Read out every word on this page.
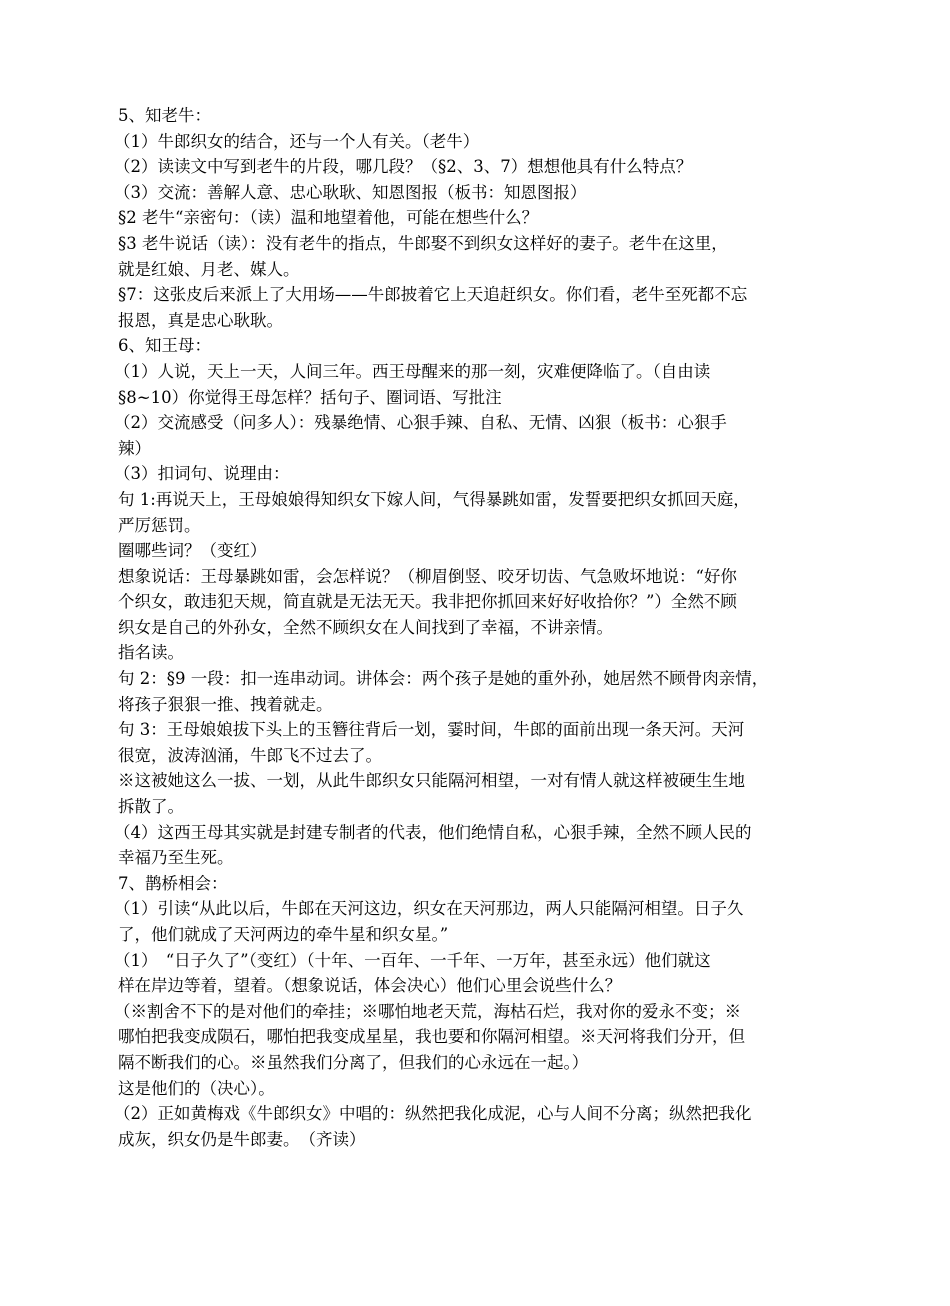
5、知老牛：

（1）牛郎织女的结合，还与一个人有关。（老牛）

（2）读读文中写到老牛的片段，哪几段？（§2、3、7）想想他具有什么特点？

（3）交流：善解人意、忠心耿耿、知恩图报（板书：知恩图报）

§2 老牛“亲密句：（读）温和地望着他，可能在想些什么？

§3 老牛说话（读）：没有老牛的指点，牛郎娶不到织女这样好的妻子。老牛在这里，

就是红娘、月老、媒人。

§7：这张皮后来派上了大用场——牛郎披着它上天追赶织女。你们看，老牛至死都不忘

报恩，真是忠心耿耿。

6、知王母：

（1）人说，天上一天，人间三年。西王母醒来的那一刻，灾难便降临了。（自由读

§8~10）你觉得王母怎样？括句子、圈词语、写批注

（2）交流感受（问多人）：残暴绝情、心狠手辣、自私、无情、凶狠（板书：心狠手

辣）

（3）扣词句、说理由：

句 1:再说天上，王母娘娘得知织女下嫁人间，气得暴跳如雷，发誓要把织女抓回天庭，

严厉惩罚。

圈哪些词？（变红）

想象说话：王母暴跳如雷，会怎样说？（柳眉倒竖、咬牙切齿、气急败坏地说：“好你

个织女，敢违犯天规，简直就是无法无天。我非把你抓回来好好收拾你？”）全然不顾

织女是自己的外孙女，全然不顾织女在人间找到了幸福，不讲亲情。

指名读。

句 2：§9 一段：扣一连串动词。讲体会：两个孩子是她的重外孙，她居然不顾骨肉亲情，

将孩子狠狠一推、拽着就走。

句 3：王母娘娘拔下头上的玉簪往背后一划，霎时间，牛郎的面前出现一条天河。天河

很宽，波涛汹涌，牛郎飞不过去了。

※这被她这么一拔、一划，从此牛郎织女只能隔河相望，一对有情人就这样被硬生生地

拆散了。

（4）这西王母其实就是封建专制者的代表，他们绝情自私，心狠手辣，全然不顾人民的

幸福乃至生死。

7、鹊桥相会：

（1）引读“从此以后，牛郎在天河这边，织女在天河那边，两人只能隔河相望。日子久

了，他们就成了天河两边的牵牛星和织女星。”

（1）　“日子久了”（变红）（十年、一百年、一千年、一万年，甚至永远）他们就这

样在岸边等着，望着。（想象说话，体会决心）他们心里会说些什么？

（※割舍不下的是对他们的牵挂；※哪怕地老天荒，海枯石烂，我对你的爱永不变；※

哪怕把我变成陨石，哪怕把我变成星星，我也要和你隔河相望。※天河将我们分开，但

隔不断我们的心。※虽然我们分离了，但我们的心永远在一起。）

这是他们的（决心）。

（2）正如黄梅戏《牛郎织女》中唱的：纵然把我化成泥，心与人间不分离；纵然把我化

成灰，织女仍是牛郎妻。　（齐读）
